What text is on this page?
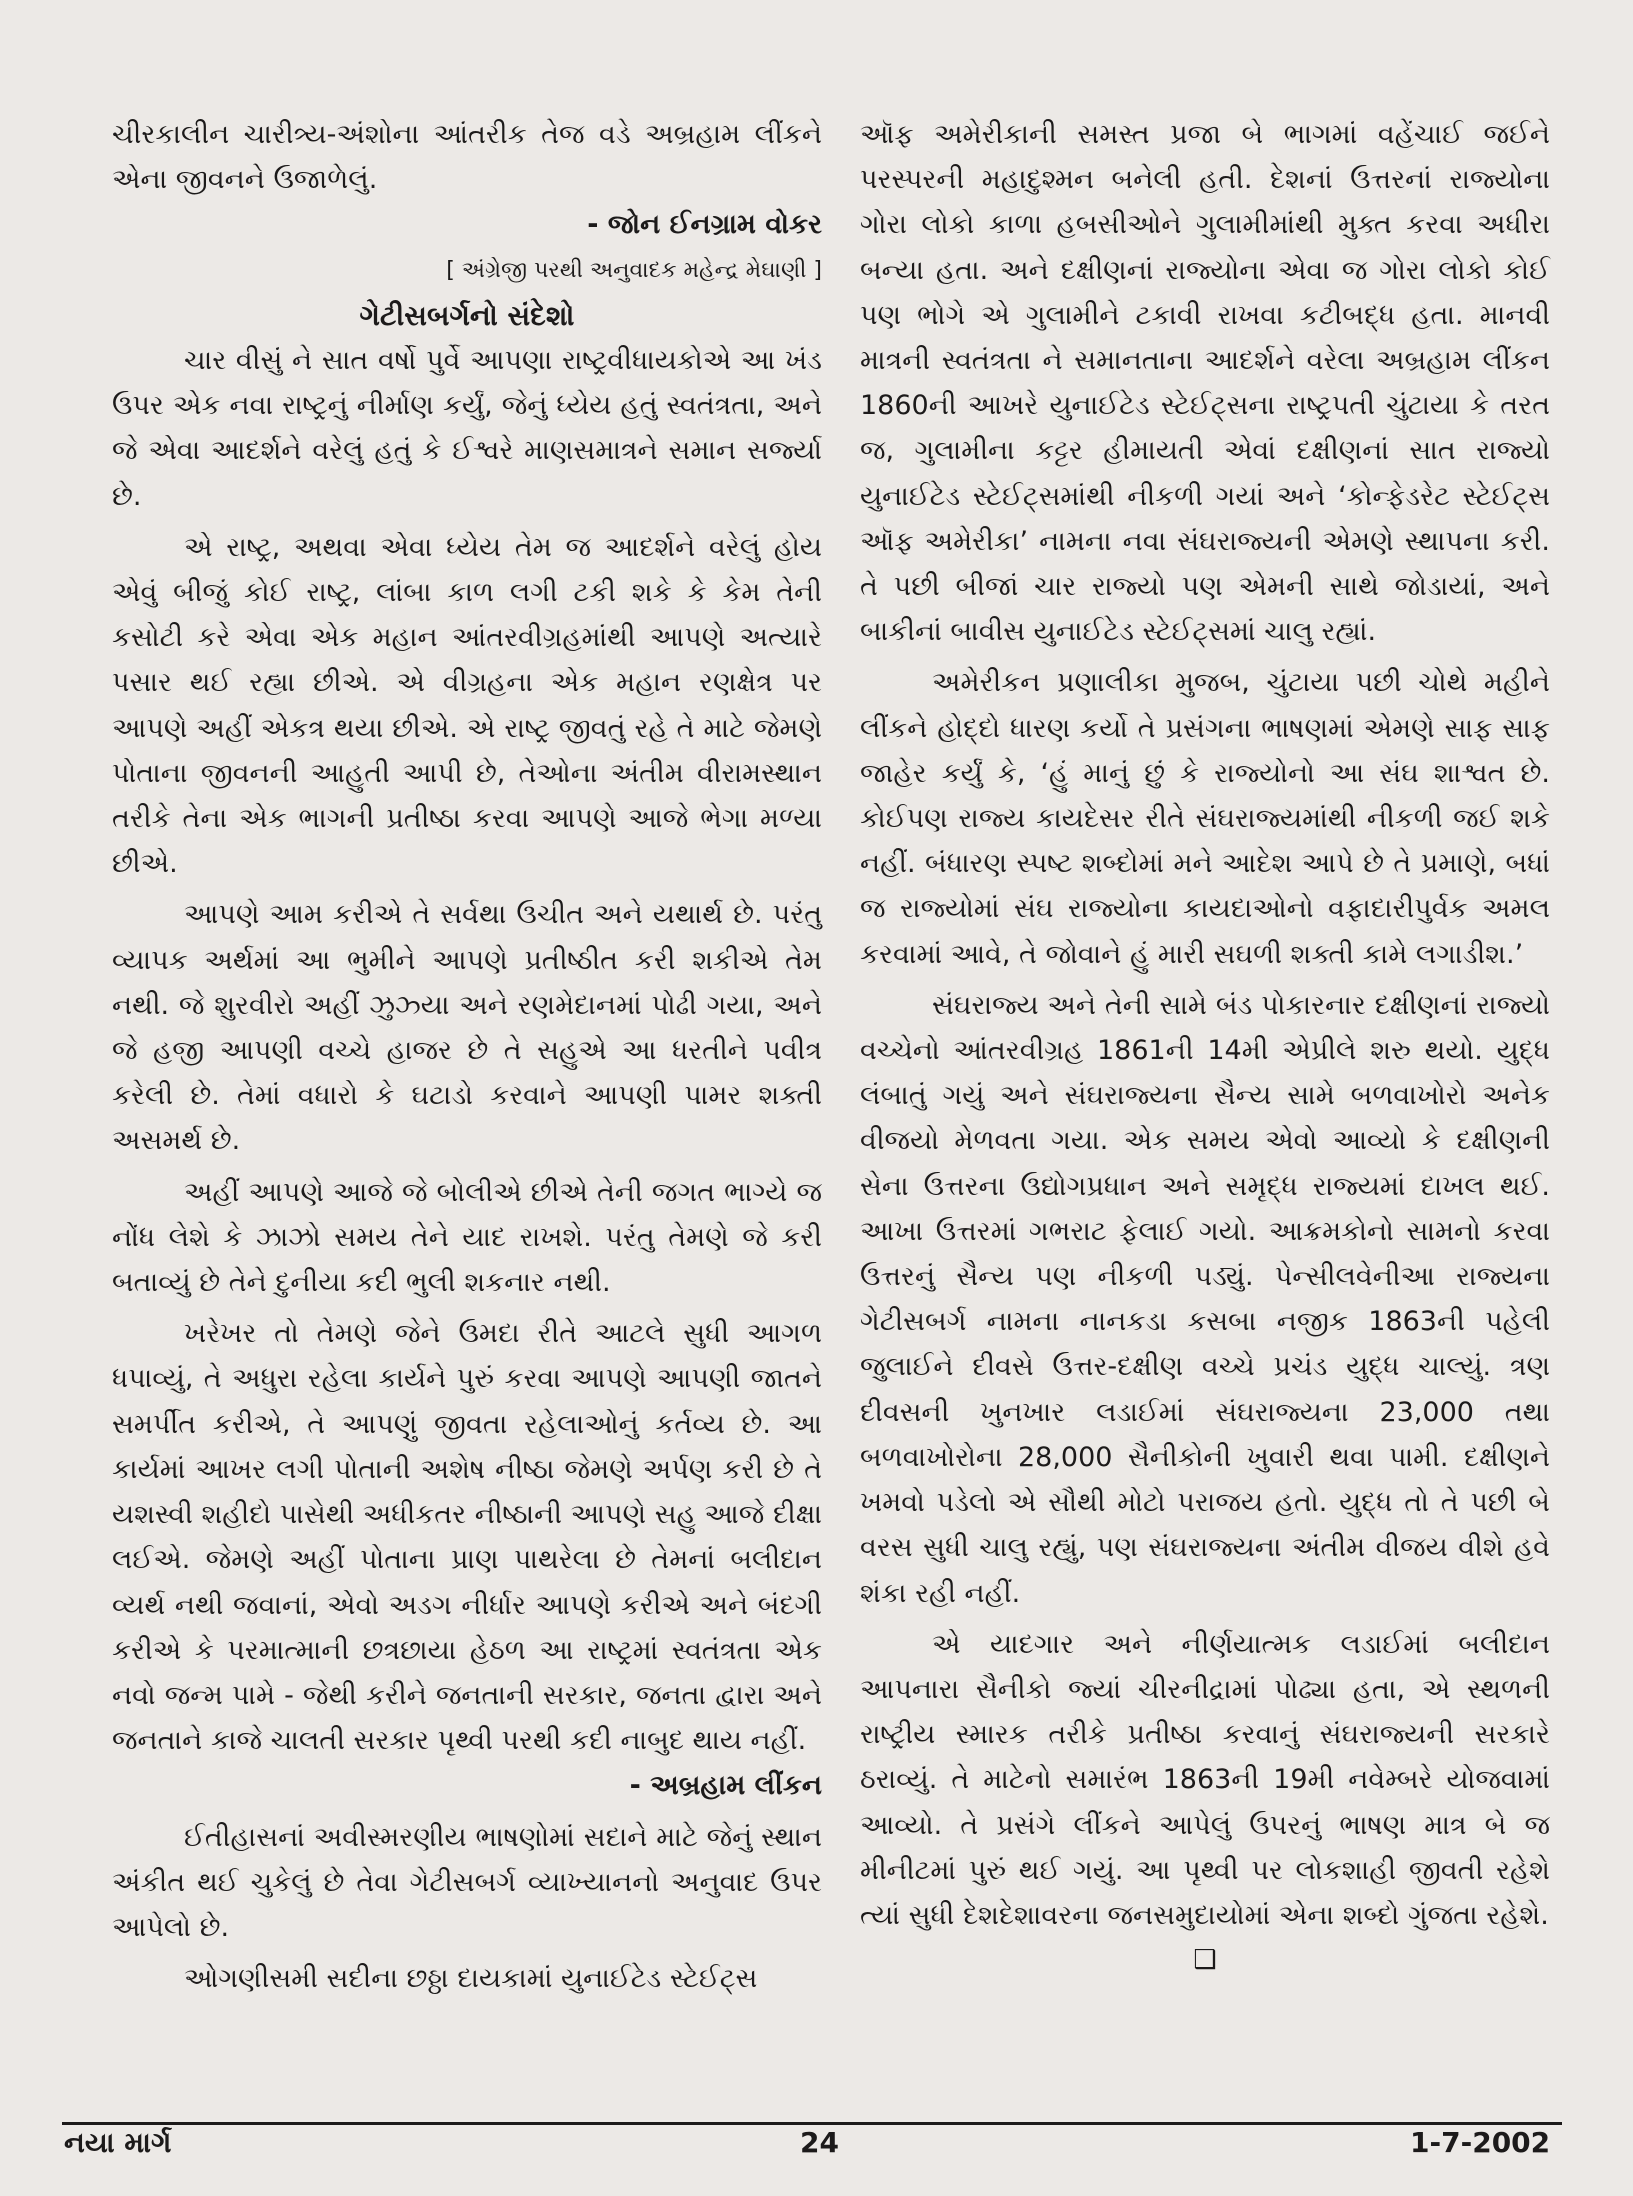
ચીરકાલીન ચારીત્ર્ય-અંશોના આંતરીક તેજ વડે અબ્રહામ લીંકને એના જીવનને ઉજાળેલું.

- જોન ઈનગ્રામ વોકર

[ અંગ્રેજી પરથી અનુવાદક મહેન્દ્ર મેઘાણી ]

ગેટીસબર્ગનો સંદેશો

ચાર વીસું ને સાત વર્ષો પુર્વે આપણા રાષ્ટ્રવીધાયકોએ આ ખંડ ઉપર એક નવા રાષ્ટ્રનું નીર્માણ કર્યું, જેનું ધ્યેય હતું સ્વતંત્રતા, અને જે એવા આદર્શને વરેલું હતું કે ઈશ્વરે માણસમાત્રને સમાન સર્જ્યા છે.

એ રાષ્ટ્ર, અથવા એવા ધ્યેય તેમ જ આદર્શને વરેલું હોય એવું બીજું કોઈ રાષ્ટ્ર, લાંબા કાળ લગી ટકી શકે કે કેમ તેની કસોટી કરે એવા એક મહાન આંતરવીગ્રહમાંથી આપણે અત્યારે પસાર થઈ રહ્યા છીએ. એ વીગ્રહના એક મહાન રણક્ષેત્ર પર આપણે અહીં એકત્ર થયા છીએ. એ રાષ્ટ્ર જીવતું રહે તે માટે જેમણે પોતાના જીવનની આહુતી આપી છે, તેઓના અંતીમ વીરામસ્થાન તરીકે તેના એક ભાગની પ્રતીષ્ઠા કરવા આપણે આજે ભેગા મળ્યા છીએ.

આપણે આમ કરીએ તે સર્વથા ઉચીત અને યથાર્થ છે. પરંતુ વ્યાપક અર્થમાં આ ભુમીને આપણે પ્રતીષ્ઠીત કરી શકીએ તેમ નથી. જે શુરવીરો અહીં ઝુઝ્યા અને રણમેદાનમાં પોઢી ગયા, અને જે હજી આપણી વચ્ચે હાજર છે તે સહુએ આ ધરતીને પવીત્ર કરેલી છે. તેમાં વધારો કે ઘટાડો કરવાને આપણી પામર શક્તી અસમર્થ છે.

અહીં આપણે આજે જે બોલીએ છીએ તેની જગત ભાગ્યે જ નોંધ લેશે કે ઝાઝો સમય તેને યાદ રાખશે. પરંતુ તેમણે જે કરી બતાવ્યું છે તેને દુનીયા કદી ભુલી શકનાર નથી.

ખરેખર તો તેમણે જેને ઉમદા રીતે આટલે સુધી આગળ ધપાવ્યું, તે અધુરા રહેલા કાર્યને પુરું કરવા આપણે આપણી જાતને સમર્પીત કરીએ, તે આપણું જીવતા રહેલાઓનું કર્તવ્ય છે. આ કાર્યમાં આખર લગી પોતાની અશેષ નીષ્ઠા જેમણે અર્પણ કરી છે તે યશસ્વી શહીદો પાસેથી અધીકતર નીષ્ઠાની આપણે સહુ આજે દીક્ષા લઈએ. જેમણે અહીં પોતાના પ્રાણ પાથરેલા છે તેમનાં બલીદાન વ્યર્થ નથી જવાનાં, એવો અડગ નીર્ધાર આપણે કરીએ અને બંદગી કરીએ કે પરમાત્માની છત્રછાયા હેઠળ આ રાષ્ટ્રમાં સ્વતંત્રતા એક નવો જન્મ પામે - જેથી કરીને જનતાની સરકાર, જનતા દ્વારા અને જનતાને કાજે ચાલતી સરકાર પૃથ્વી પરથી કદી નાબુદ થાય નહીં.

- અબ્રહામ લીંકન

ઈતીહાસનાં અવીસ્મરણીય ભાષણોમાં સદાને માટે જેનું સ્થાન અંકીત થઈ ચુકેલું છે તેવા ગેટીસબર્ગ વ્યાખ્યાનનો અનુવાદ ઉપર આપેલો છે.

ઓગણીસમી સદીના છઠ્ઠા દાયકામાં યુનાઈટેડ સ્ટેઈટ્સ

ઑફ અમેરીકાની સમસ્ત પ્રજા બે ભાગમાં વહેંચાઈ જઈને પરસ્પરની મહાદુશ્મન બનેલી હતી. દેશનાં ઉત્તરનાં રાજ્યોના ગોરા લોકો કાળા હબસીઓને ગુલામીમાંથી મુક્ત કરવા અધીરા બન્યા હતા. અને દક્ષીણનાં રાજ્યોના એવા જ ગોરા લોકો કોઈ પણ ભોગે એ ગુલામીને ટકાવી રાખવા કટીબદ્ધ હતા. માનવી માત્રની સ્વતંત્રતા ને સમાનતાના આદર્શને વરેલા અબ્રહામ લીંકન 1860ની આખરે યુનાઈટેડ સ્ટેઈટ્સના રાષ્ટ્રપતી ચુંટાયા કે તરત જ, ગુલામીના કટ્ટર હીમાયતી એવાં દક્ષીણનાં સાત રાજ્યો યુનાઈટેડ સ્ટેઈટ્સમાંથી નીકળી ગયાં અને ‘કોન્ફેડરેટ સ્ટેઈટ્સ ઑફ અમેરીકા’ નામના નવા સંઘરાજ્યની એમણે સ્થાપના કરી. તે પછી બીજાં ચાર રાજ્યો પણ એમની સાથે જોડાયાં, અને બાકીનાં બાવીસ યુનાઈટેડ સ્ટેઈટ્સમાં ચાલુ રહ્યાં.

અમેરીકન પ્રણાલીકા મુજબ, ચુંટાયા પછી ચોથે મહીને લીંકને હોદ્દો ધારણ કર્યો તે પ્રસંગના ભાષણમાં એમણે સાફ સાફ જાહેર કર્યું કે, ‘હું માનું છું કે રાજ્યોનો આ સંઘ શાશ્વત છે. કોઈપણ રાજ્ય કાયદેસર રીતે સંઘરાજ્યમાંથી નીકળી જઈ શકે નહીં. બંધારણ સ્પષ્ટ શબ્દોમાં મને આદેશ આપે છે તે પ્રમાણે, બધાં જ રાજ્યોમાં સંઘ રાજ્યોના કાયદાઓનો વફાદારીપુર્વક અમલ કરવામાં આવે, તે જોવાને હું મારી સઘળી શક્તી કામે લગાડીશ.’

સંઘરાજ્ય અને તેની સામે બંડ પોકારનાર દક્ષીણનાં રાજ્યો વચ્ચેનો આંતરવીગ્રહ 1861ની 14મી એપ્રીલે શરુ થયો. યુદ્ધ લંબાતું ગયું અને સંઘરાજ્યના સૈન્ય સામે બળવાખોરો અનેક વીજયો મેળવતા ગયા. એક સમય એવો આવ્યો કે દક્ષીણની સેના ઉત્તરના ઉદ્યોગપ્રધાન અને સમૃદ્ધ રાજ્યમાં દાખલ થઈ. આખા ઉત્તરમાં ગભરાટ ફેલાઈ ગયો. આક્રમકોનો સામનો કરવા ઉત્તરનું સૈન્ય પણ નીકળી પડ્યું. પેન્સીલવેનીઆ રાજ્યના ગેટીસબર્ગ નામના નાનકડા કસબા નજીક 1863ની પહેલી જુલાઈને દીવસે ઉત્તર-દક્ષીણ વચ્ચે પ્રચંડ યુદ્ધ ચાલ્યું. ત્રણ દીવસની ખુનખાર લડાઈમાં સંઘરાજ્યના 23,000 તથા બળવાખોરોના 28,000 સૈનીકોની ખુવારી થવા પામી. દક્ષીણને ખમવો પડેલો એ સૌથી મોટો પરાજય હતો. યુદ્ધ તો તે પછી બે વરસ સુધી ચાલુ રહ્યું, પણ સંઘરાજ્યના અંતીમ વીજય વીશે હવે શંકા રહી નહીં.

એ યાદગાર અને નીર્ણયાત્મક લડાઈમાં બલીદાન આપનારા સૈનીકો જ્યાં ચીરનીદ્રામાં પોઢ્યા હતા, એ સ્થળની રાષ્ટ્રીય સ્મારક તરીકે પ્રતીષ્ઠા કરવાનું સંઘરાજ્યની સરકારે ઠરાવ્યું. તે માટેનો સમારંભ 1863ની 19મી નવેમ્બરે યોજવામાં આવ્યો. તે પ્રસંગે લીંકને આપેલું ઉપરનું ભાષણ માત્ર બે જ મીનીટમાં પુરું થઈ ગયું. આ પૃથ્વી પર લોકશાહી જીવતી રહેશે ત્યાં સુધી દેશદેશાવરના જનસમુદાયોમાં એના શબ્દો ગુંજતા રહેશે.

❑

નયા માર્ગ	24	1-7-2002
